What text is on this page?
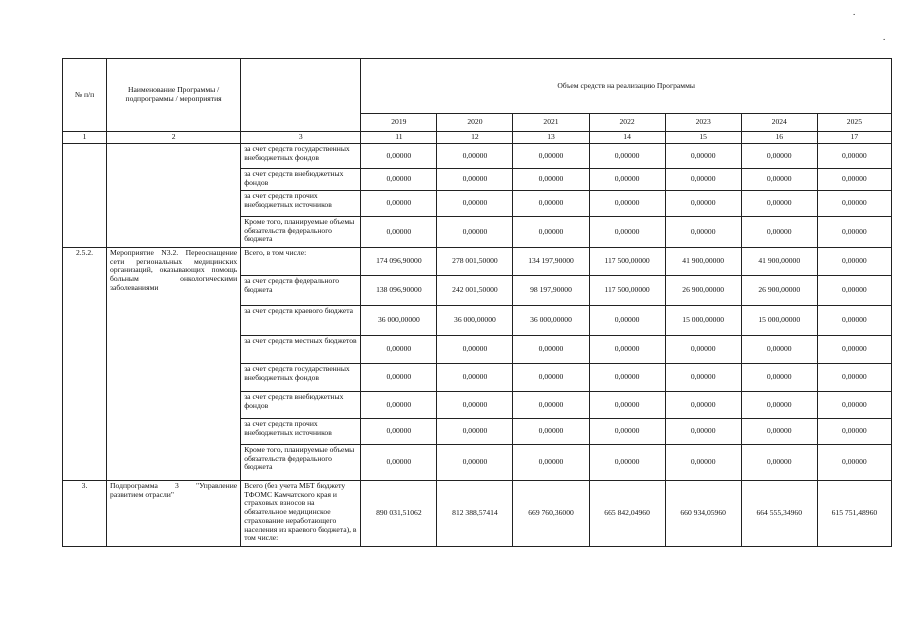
.
.
№ п/п	Наименование Программы / подпрограммы / мероприятия		Объем средств на реализацию Программы						
			2019	2020	2021	2022	2023	2024	2025
1	2	3	11	12	13	14	15	16	17
		за счет средств государственных внебюджетных фондов	0,00000	0,00000	0,00000	0,00000	0,00000	0,00000	0,00000
		за счет средств внебюджетных фондов	0,00000	0,00000	0,00000	0,00000	0,00000	0,00000	0,00000
		за счет средств прочих внебюджетных источников	0,00000	0,00000	0,00000	0,00000	0,00000	0,00000	0,00000
		Кроме того, планируемые объемы обязательств федерального бюджета	0,00000	0,00000	0,00000	0,00000	0,00000	0,00000	0,00000
2.5.2.	Мероприятие N3.2. Переоснащение сети региональных медицинских организаций, оказывающих помощь больным онкологическими заболеваниями	Всего, в том числе:	174 096,90000	278 001,50000	134 197,90000	117 500,00000	41 900,00000	41 900,00000	0,00000
		за счет средств федерального бюджета	138 096,90000	242 001,50000	98 197,90000	117 500,00000	26 900,00000	26 900,00000	0,00000
		за счет средств краевого бюджета	36 000,00000	36 000,00000	36 000,00000	0,00000	15 000,00000	15 000,00000	0,00000
		за счет средств местных бюджетов	0,00000	0,00000	0,00000	0,00000	0,00000	0,00000	0,00000
		за счет средств государственных внебюджетных фондов	0,00000	0,00000	0,00000	0,00000	0,00000	0,00000	0,00000
		за счет средств внебюджетных фондов	0,00000	0,00000	0,00000	0,00000	0,00000	0,00000	0,00000
		за счет средств прочих внебюджетных источников	0,00000	0,00000	0,00000	0,00000	0,00000	0,00000	0,00000
		Кроме того, планируемые объемы обязательств федерального бюджета	0,00000	0,00000	0,00000	0,00000	0,00000	0,00000	0,00000
3.	Подпрограмма 3 "Управление развитием отрасли"	Всего (без учета МБТ бюджету ТФОМС Камчатского края и страховых взносов на обязательное медицинское страхование неработающего населения из краевого бюджета), в том числе:	890 031,51062	812 388,57414	669 760,36000	665 842,04960	660 934,05960	664 555,34960	615 751,48960
